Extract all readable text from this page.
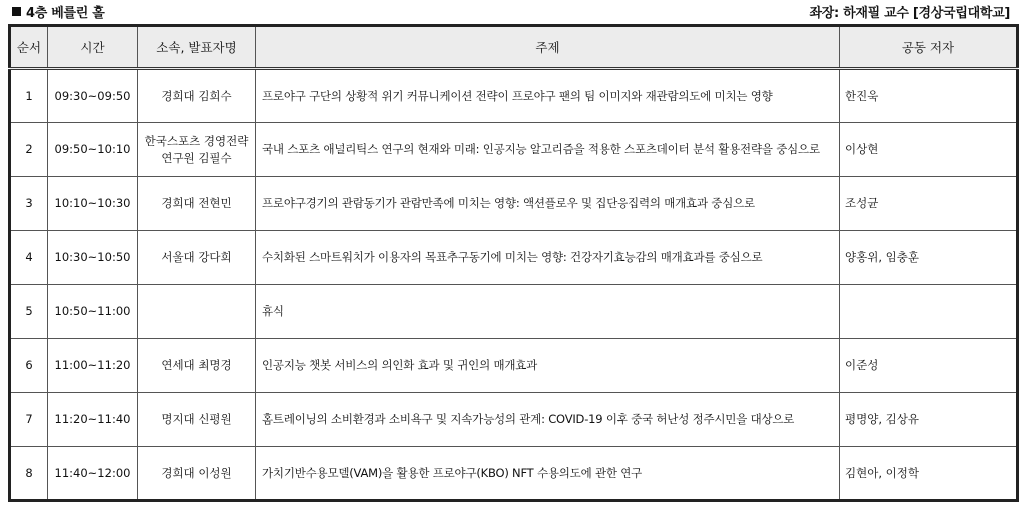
4층 베를린 홀	좌장: 하재필 교수 [경상국립대학교]
순서	시간	소속, 발표자명	주제	공동 저자
1	09:30~09:50	경희대 김희수	프로야구 구단의 상황적 위기 커뮤니케이션 전략이 프로야구 팬의 팀 이미지와 재관람의도에 미치는 영향	한진욱
2	09:50~10:10	한국스포츠 경영전략연구원 김필수	국내 스포츠 애널리틱스 연구의 현재와 미래: 인공지능 알고리즘을 적용한 스포츠데이터 분석 활용전략을 중심으로	이상현
3	10:10~10:30	경희대 전현민	프로야구경기의 관람동기가 관람만족에 미치는 영향: 액션플로우 및 집단응집력의 매개효과 중심으로	조성균
4	10:30~10:50	서울대 강다희	수치화된 스마트워치가 이용자의 목표추구동기에 미치는 영향: 건강자기효능감의 매개효과를 중심으로	양홍위, 임충훈
5	10:50~11:00		휴식	
6	11:00~11:20	연세대 최명경	인공지능 챗봇 서비스의 의인화 효과 및 귀인의 매개효과	이준성
7	11:20~11:40	명지대 신평원	홈트레이닝의 소비환경과 소비욕구 및 지속가능성의 관계: COVID-19 이후 중국 허난성 정주시민을 대상으로	평명양, 김상유
8	11:40~12:00	경희대 이성원	가치기반수용모델(VAM)을 활용한 프로야구(KBO) NFT 수용의도에 관한 연구	김현아, 이정학
